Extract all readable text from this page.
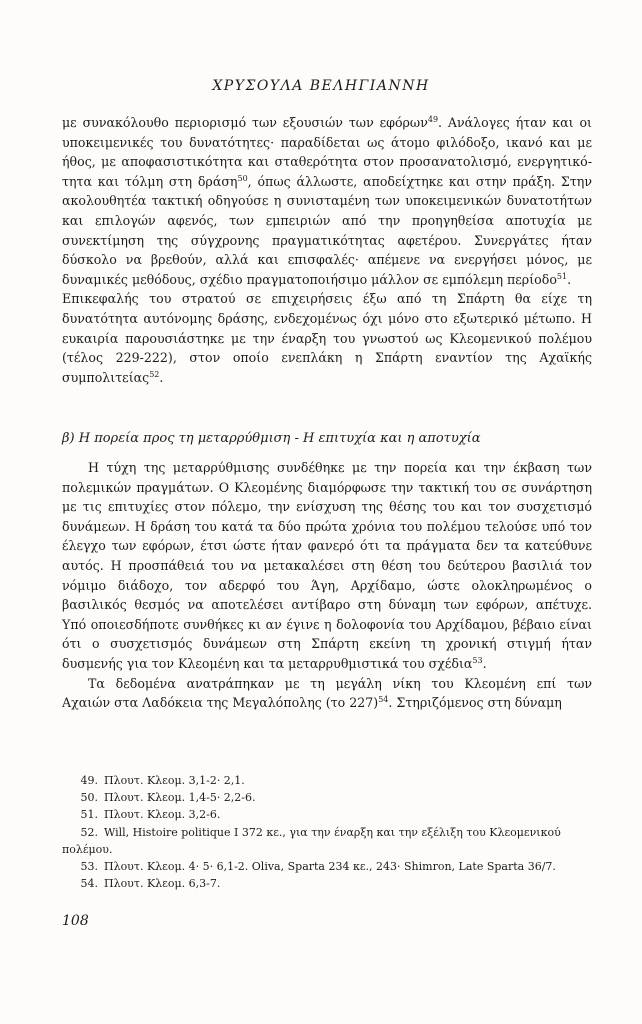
ΧΡΥΣΟΥΛΑ ΒΕΛΗΓΙΑΝΝΗ
με συνακόλουθο περιορισμό των εξουσιών των εφόρων$^{49}$. Ανάλογες ήταν και οι
υποκειμενικές του δυνατότητες· παραδίδεται ως άτομο φιλόδοξο, ικανό και με
ήθος, με αποφασιστικότητα και σταθερότητα στον προσανατολισμό, ενεργητικό-
τητα και τόλμη στη δράση$^{50}$, όπως άλλωστε, αποδείχτηκε και στην πράξη. Στην
ακολουθητέα τακτική οδηγούσε η συνισταμένη των υποκειμενικών δυνατοτήτων
και επιλογών αφενός, των εμπειριών από την προηγηθείσα αποτυχία με
συνεκτίμηση της σύγχρονης πραγματικότητας αφετέρου. Συνεργάτες ήταν
δύσκολο να βρεθούν, αλλά και επισφαλές· απέμενε να ενεργήσει μόνος, με
δυναμικές μεθόδους, σχέδιο πραγματοποιήσιμο μάλλον σε εμπόλεμη περίοδο$^{51}$.
Επικεφαλής του στρατού σε επιχειρήσεις έξω από τη Σπάρτη θα είχε τη
δυνατότητα αυτόνομης δράσης, ενδεχομένως όχι μόνο στο εξωτερικό μέτωπο. Η
ευκαιρία παρουσιάστηκε με την έναρξη του γνωστού ως Κλεομενικού πολέμου
(τέλος 229-222), στον οποίο ενεπλάκη η Σπάρτη εναντίον της Αχαϊκής
συμπολιτείας$^{52}$.
β) Η πορεία προς τη μεταρρύθμιση - Η επιτυχία και η αποτυχία
Η τύχη της μεταρρύθμισης συνδέθηκε με την πορεία και την έκβαση των
πολεμικών πραγμάτων. Ο Κλεομένης διαμόρφωσε την τακτική του σε συνάρτηση
με τις επιτυχίες στον πόλεμο, την ενίσχυση της θέσης του και τον συσχετισμό
δυνάμεων. Η δράση του κατά τα δύο πρώτα χρόνια του πολέμου τελούσε υπό τον
έλεγχο των εφόρων, έτσι ώστε ήταν φανερό ότι τα πράγματα δεν τα κατεύθυνε
αυτός. Η προσπάθειά του να μετακαλέσει στη θέση του δεύτερου βασιλιά τον
νόμιμο διάδοχο, τον αδερφό του Άγη, Αρχίδαμο, ώστε ολοκληρωμένος ο
βασιλικός θεσμός να αποτελέσει αντίβαρο στη δύναμη των εφόρων, απέτυχε.
Υπό οποιεσδήποτε συνθήκες κι αν έγινε η δολοφονία του Αρχίδαμου, βέβαιο είναι
ότι ο συσχετισμός δυνάμεων στη Σπάρτη εκείνη τη χρονική στιγμή ήταν
δυσμενής για τον Κλεομένη και τα μεταρρυθμιστικά του σχέδια$^{53}$.
Τα δεδομένα ανατράπηκαν με τη μεγάλη νίκη του Κλεομένη επί των
Αχαιών στα Λαδόκεια της Μεγαλόπολης (το 227)$^{54}$. Στηριζόμενος στη δύναμη
49. Πλουτ. Κλεομ. 3,1-2· 2,1.
50. Πλουτ. Κλεομ. 1,4-5· 2,2-6.
51. Πλουτ. Κλεομ. 3,2-6.
52. Will, Histoire politique I 372 κε., για την έναρξη και την εξέλιξη του Κλεομενικού
πολέμου.
53. Πλουτ. Κλεομ. 4· 5· 6,1-2. Oliva, Sparta 234 κε., 243· Shimron, Late Sparta 36/7.
54. Πλουτ. Κλεομ. 6,3-7.
108
